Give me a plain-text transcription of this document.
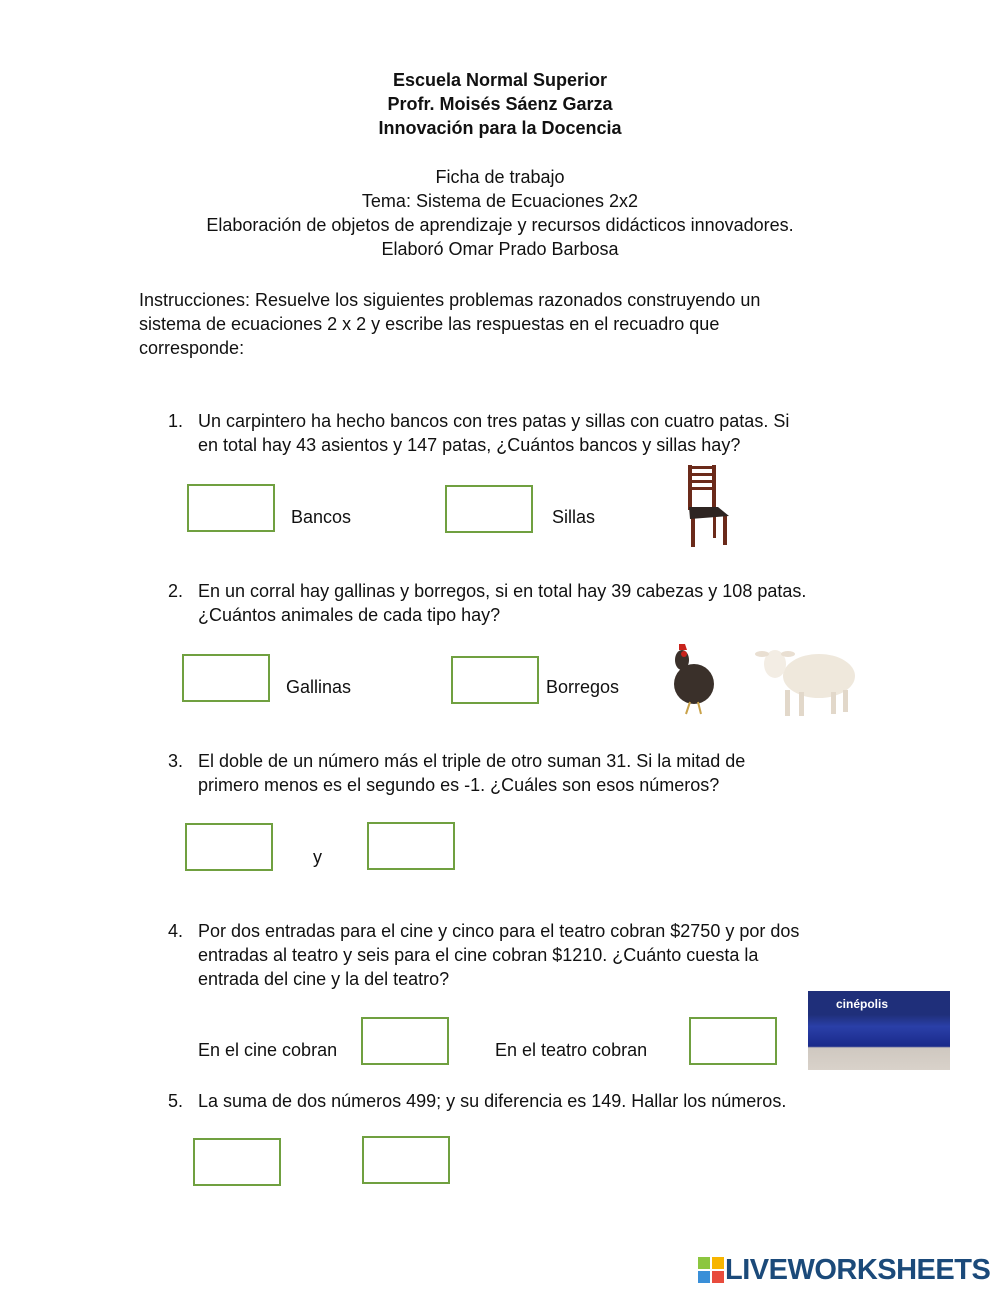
Escuela Normal Superior
Profr. Moisés Sáenz Garza
Innovación para la Docencia
Ficha de trabajo
Tema: Sistema de Ecuaciones 2x2
Elaboración de objetos de aprendizaje y recursos didácticos innovadores.
Elaboró Omar Prado Barbosa
Instrucciones: Resuelve los siguientes problemas razonados construyendo un
sistema de ecuaciones 2 x 2 y escribe las respuestas en el recuadro que
corresponde:
1. Un carpintero ha hecho bancos con tres patas y sillas con cuatro patas. Si
en total hay 43 asientos y 147 patas, ¿Cuántos bancos y sillas hay?
Bancos	Sillas
2. En un corral hay gallinas y borregos, si en total hay 39 cabezas y 108 patas.
¿Cuántos animales de cada tipo hay?
Gallinas	Borregos
3. El doble de un número más el triple de otro suman 31. Si la mitad de
primero menos es el segundo es -1. ¿Cuáles son esos números?
y
4. Por dos entradas para el cine y cinco para el teatro cobran $2750 y por dos
entradas al teatro y seis para el cine cobran $1210. ¿Cuánto cuesta la
entrada del cine y la del teatro?
En el cine cobran	En el teatro cobran
cinépolis
5. La suma de dos números 499; y su diferencia es 149. Hallar los números.
LIVEWORKSHEETS
